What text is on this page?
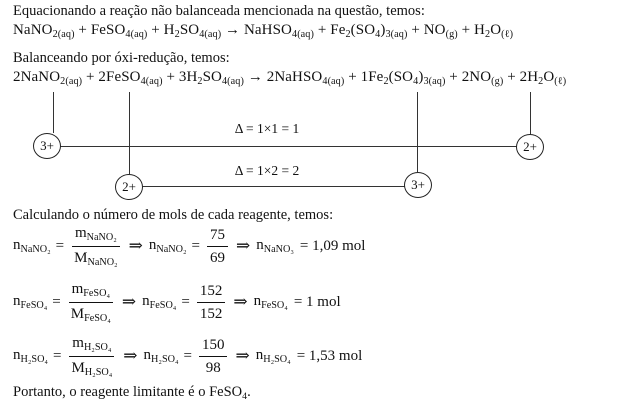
Equacionando a reação não balanceada mencionada na questão, temos:

NaNO$_{2(aq)}$ + FeSO$_{4(aq)}$ + $H_2SO_{4(aq)}$ → NaHSO$_{4(aq)}$ + $Fe_2(SO_4)_{3(aq)} + NO_{(g)} + H_2O_{(\ell)}$

Balanceando por óxi-redução, temos:

2NaNO$_{2(aq)}$ + 2FeSO$_{4(aq)}$ + $3H_2SO_{4(aq)}$ → 2NaHSO$_{4(aq)}$ + $1Fe_2(SO_4)_{3(aq)} + 2NO_{(g)} + 2H_2O_{(\ell)}$

Δ = 1×1 = 1
Δ = 1×2 = 2
3+	2+
2+	3+

Calculando o número de mols de cada reagente, temos:

$n_{NaNO_2} = \frac{m_{NaNO_2}}{M_{NaNO_2}}$ ⇒ $n_{NaNO_2} = \frac{75}{69}$ ⇒ $n_{NaNO_3} = 1,09$ mol
$n_{FeSO_4} = \frac{m_{FeSO_4}}{M_{FeSO_4}}$ ⇒ $n_{FeSO_4} = \frac{152}{152}$ ⇒ $n_{FeSO_4} = 1$ mol
$n_{H_2SO_4} = \frac{m_{H_2SO_4}}{M_{H_2SO_4}}$ ⇒ $n_{H_2SO_4} = \frac{150}{98}$ ⇒ $n_{H_2SO_4} = 1,53$ mol

Portanto, o reagente limitante é o FeSO$_4$.
